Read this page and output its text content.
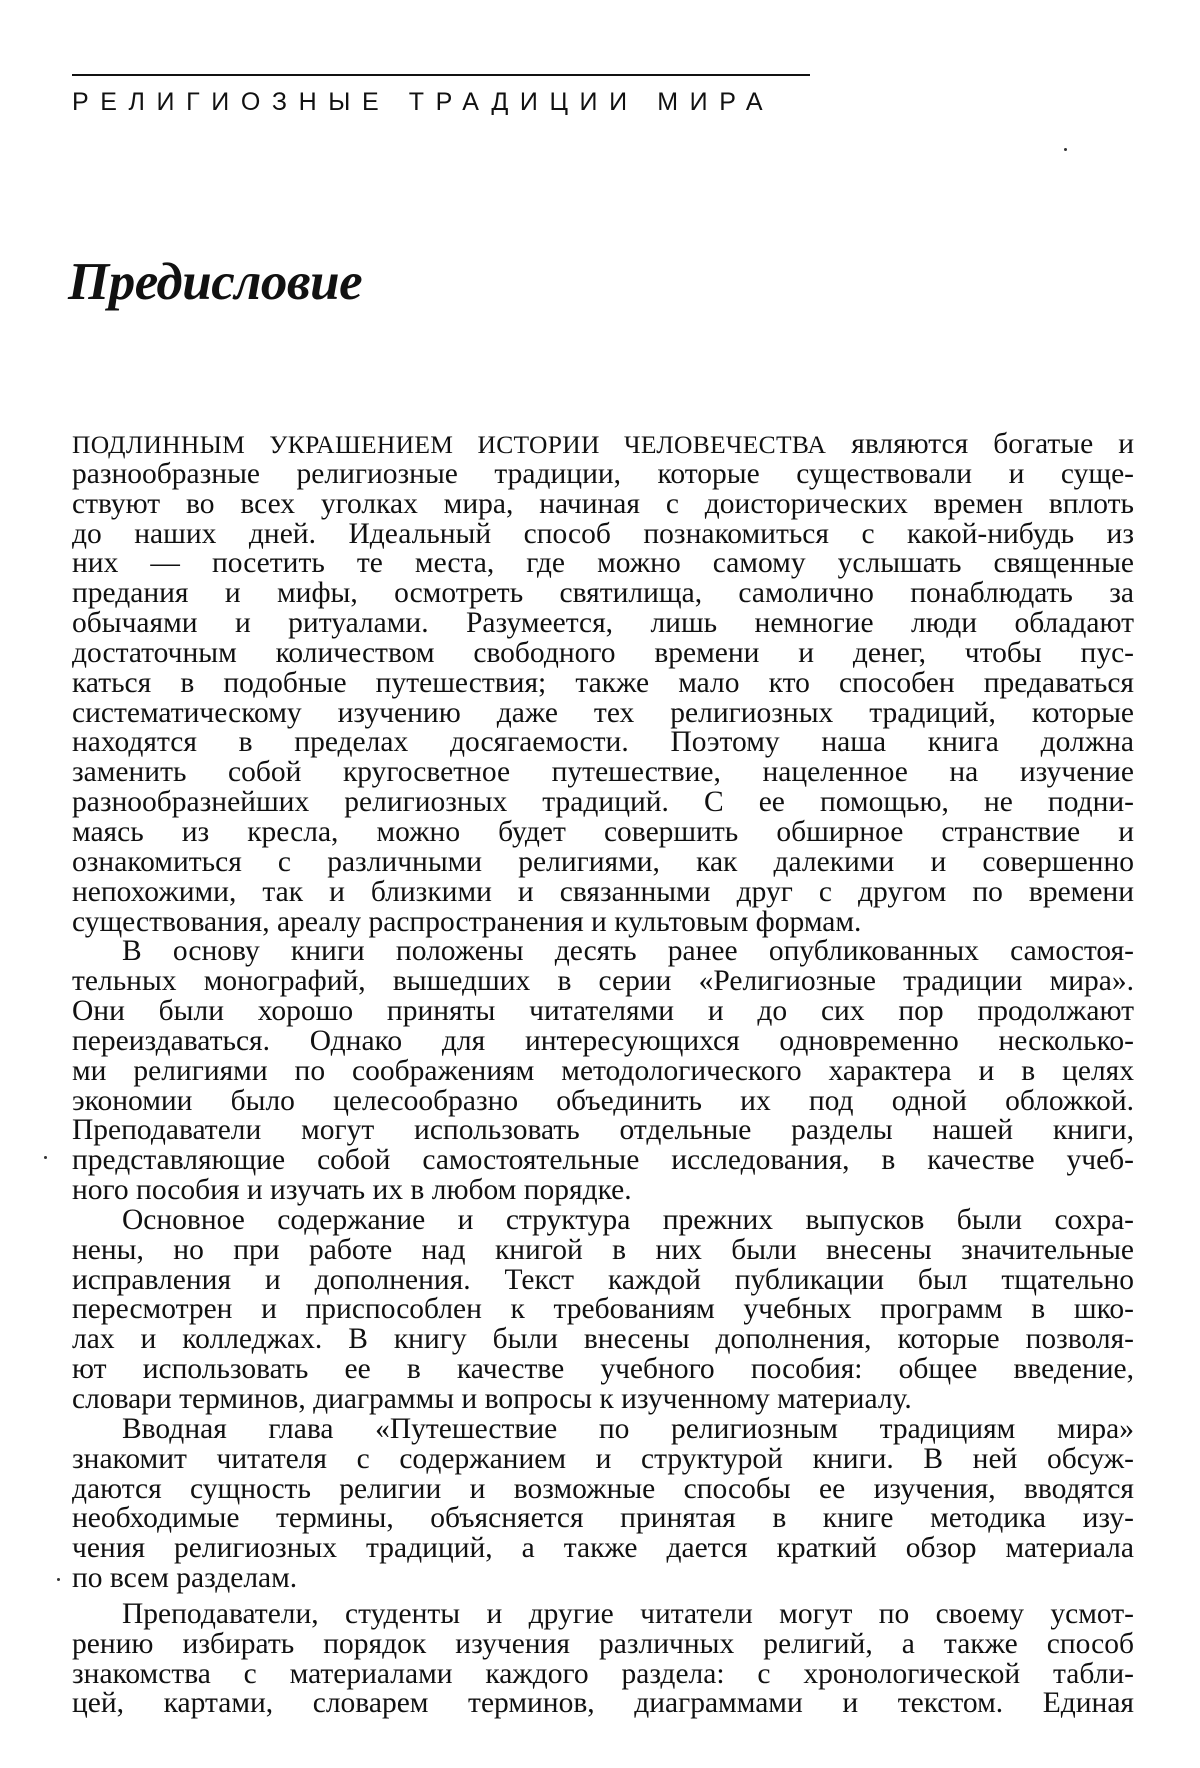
РЕЛИГИОЗНЫЕ ТРАДИЦИИ МИРА
Предисловие
ПОДЛИННЫМ УКРАШЕНИЕМ ИСТОРИИ ЧЕЛОВЕЧЕСТВА являются богатые и
разнообразные религиозные традиции, которые существовали и суще-
ствуют во всех уголках мира, начиная с доисторических времен вплоть
до наших дней. Идеальный способ познакомиться с какой-нибудь из
них — посетить те места, где можно самому услышать священные
предания и мифы, осмотреть святилища, самолично понаблюдать за
обычаями и ритуалами. Разумеется, лишь немногие люди обладают
достаточным количеством свободного времени и денег, чтобы пус-
каться в подобные путешествия; также мало кто способен предаваться
систематическому изучению даже тех религиозных традиций, которые
находятся в пределах досягаемости. Поэтому наша книга должна
заменить собой кругосветное путешествие, нацеленное на изучение
разнообразнейших религиозных традиций. С ее помощью, не подни-
маясь из кресла, можно будет совершить обширное странствие и
ознакомиться с различными религиями, как далекими и совершенно
непохожими, так и близкими и связанными друг с другом по времени
существования, ареалу распространения и культовым формам.
В основу книги положены десять ранее опубликованных самостоя-
тельных монографий, вышедших в серии «Религиозные традиции мира».
Они были хорошо приняты читателями и до сих пор продолжают
переиздаваться. Однако для интересующихся одновременно несколько-
ми религиями по соображениям методологического характера и в целях
экономии было целесообразно объединить их под одной обложкой.
Преподаватели могут использовать отдельные разделы нашей книги,
представляющие собой самостоятельные исследования, в качестве учеб-
ного пособия и изучать их в любом порядке.
Основное содержание и структура прежних выпусков были сохра-
нены, но при работе над книгой в них были внесены значительные
исправления и дополнения. Текст каждой публикации был тщательно
пересмотрен и приспособлен к требованиям учебных программ в шко-
лах и колледжах. В книгу были внесены дополнения, которые позволя-
ют использовать ее в качестве учебного пособия: общее введение,
словари терминов, диаграммы и вопросы к изученному материалу.
Вводная глава «Путешествие по религиозным традициям мира»
знакомит читателя с содержанием и структурой книги. В ней обсуж-
даются сущность религии и возможные способы ее изучения, вводятся
необходимые термины, объясняется принятая в книге методика изу-
чения религиозных традиций, а также дается краткий обзор материала
по всем разделам.
Преподаватели, студенты и другие читатели могут по своему усмот-
рению избирать порядок изучения различных религий, а также способ
знакомства с материалами каждого раздела: с хронологической табли-
цей, картами, словарем терминов, диаграммами и текстом. Единая
